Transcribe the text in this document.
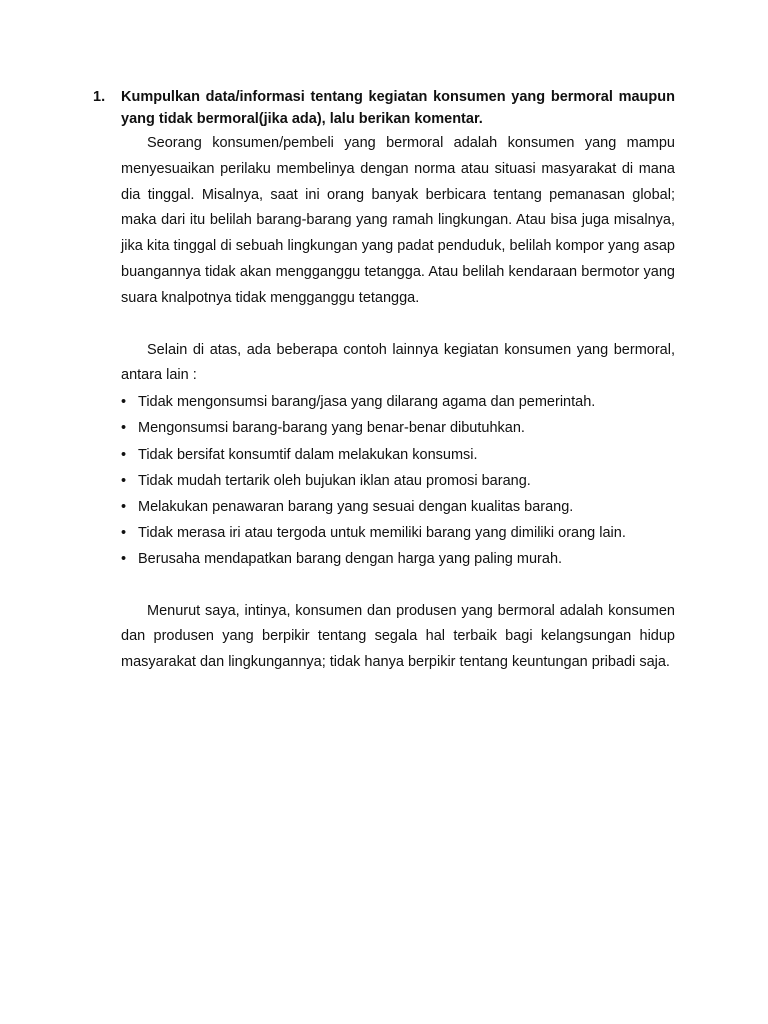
1. Kumpulkan data/informasi tentang kegiatan konsumen yang bermoral maupun yang tidak bermoral(jika ada), lalu berikan komentar.

Seorang konsumen/pembeli yang bermoral adalah konsumen yang mampu menyesuaikan perilaku membelinya dengan norma atau situasi masyarakat di mana dia tinggal. Misalnya, saat ini orang banyak berbicara tentang pemanasan global; maka dari itu belilah barang-barang yang ramah lingkungan. Atau bisa juga misalnya, jika kita tinggal di sebuah lingkungan yang padat penduduk, belilah kompor yang asap buangannya tidak akan mengganggu tetangga. Atau belilah kendaraan bermotor yang suara knalpotnya tidak mengganggu tetangga.

Selain di atas, ada beberapa contoh lainnya kegiatan konsumen yang bermoral, antara lain :

• Tidak mengonsumsi barang/jasa yang dilarang agama dan pemerintah.
• Mengonsumsi barang-barang yang benar-benar dibutuhkan.
• Tidak bersifat konsumtif dalam melakukan konsumsi.
• Tidak mudah tertarik oleh bujukan iklan atau promosi barang.
• Melakukan penawaran barang yang sesuai dengan kualitas barang.
• Tidak merasa iri atau tergoda untuk memiliki barang yang dimiliki orang lain.
• Berusaha mendapatkan barang dengan harga yang paling murah.

Menurut saya, intinya, konsumen dan produsen yang bermoral adalah konsumen dan produsen yang berpikir tentang segala hal terbaik bagi kelangsungan hidup masyarakat dan lingkungannya; tidak hanya berpikir tentang keuntungan pribadi saja.
